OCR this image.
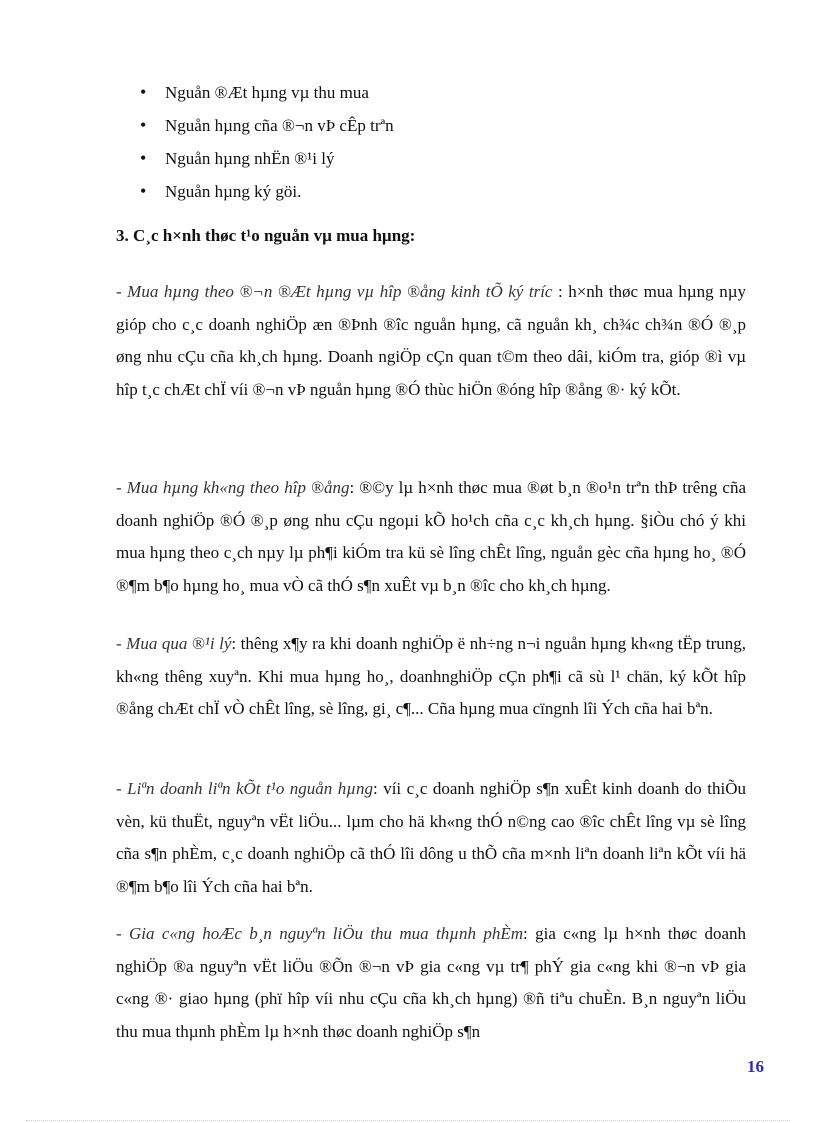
• Nguån ®Æt hµng vµ thu mua
• Nguån hµng cña ®¬n vÞ cÊp trªn
• Nguån hµng nhËn ®¹i lý
• Nguån hµng ký göi.
3. C¸c h×nh thøc t¹o nguån vµ mua hµng:

- Mua hµng theo ®¬n ®Æt hµng vµ hîp ®ång kinh tÕ ký tríc : h×nh thøc mua hµng nµy gióp cho c¸c doanh nghiÖp æn ®Þnh ®îc nguån hµng, cã nguån kh¸ ch¾c ch¾n ®Ó ®¸p øng nhu cÇu cña kh¸ch hµng. Doanh ngiÖp cÇn quan t©m theo dâi, kiÓm tra, gióp ®ì vµ hîp t¸c chÆt chÏ víi ®¬n vÞ nguån hµng ®Ó thùc hiÖn ®óng hîp ®ång ®· ký kÕt.

- Mua hµng kh«ng theo hîp ®ång: ®©y lµ h×nh thøc mua ®øt b¸n ®o¹n trªn thÞ trêng cña doanh nghiÖp ®Ó ®¸p øng nhu cÇu ngoµi kÕ ho¹ch cña c¸c kh¸ch hµng. §iÒu chó ý khi mua hµng theo c¸ch nµy lµ ph¶i kiÓm tra kü sè lîng chÊt lîng, nguån gèc cña hµng ho¸ ®Ó ®¶m b¶o hµng ho¸ mua vÒ cã thÓ s¶n xuÊt vµ b¸n ®îc cho kh¸ch hµng.

- Mua qua ®¹i lý: thêng x¶y ra khi doanh nghiÖp ë nh÷ng n¬i nguån hµng kh«ng tËp trung, kh«ng thêng xuyªn. Khi mua hµng ho¸, doanhnghiÖp cÇn ph¶i cã sù l¹ chän, ký kÕt hîp ®ång chÆt chÏ vÒ chÊt lîng, sè lîng, gi¸ c¶... Cña hµng mua cïngnh lîi Ých cña hai bªn.

- Liªn doanh liªn kÕt t¹o nguån hµng: víi c¸c doanh nghiÖp s¶n xuÊt kinh doanh do thiÕu vèn, kü thuËt, nguyªn vËt liÖu... lµm cho hä kh«ng thÓ n©ng cao ®îc chÊt lîng vµ sè lîng cña s¶n phÈm, c¸c doanh nghiÖp cã thÓ lîi dông u thÕ cña m×nh liªn doanh liªn kÕt víi hä ®¶m b¶o lîi Ých cña hai bªn.

- Gia c«ng hoÆc b¸n nguyªn liÖu thu mua thµnh phÈm: gia c«ng lµ h×nh thøc doanh nghiÖp ®a nguyªn vËt liÖu ®Õn ®¬n vÞ gia c«ng vµ tr¶ phÝ gia c«ng khi ®¬n vÞ gia c«ng ®· giao hµng (phï hîp víi nhu cÇu cña kh¸ch hµng) ®ñ tiªu chuÈn. B¸n nguyªn liÖu thu mua thµnh phÈm lµ h×nh thøc doanh nghiÖp s¶n

16
